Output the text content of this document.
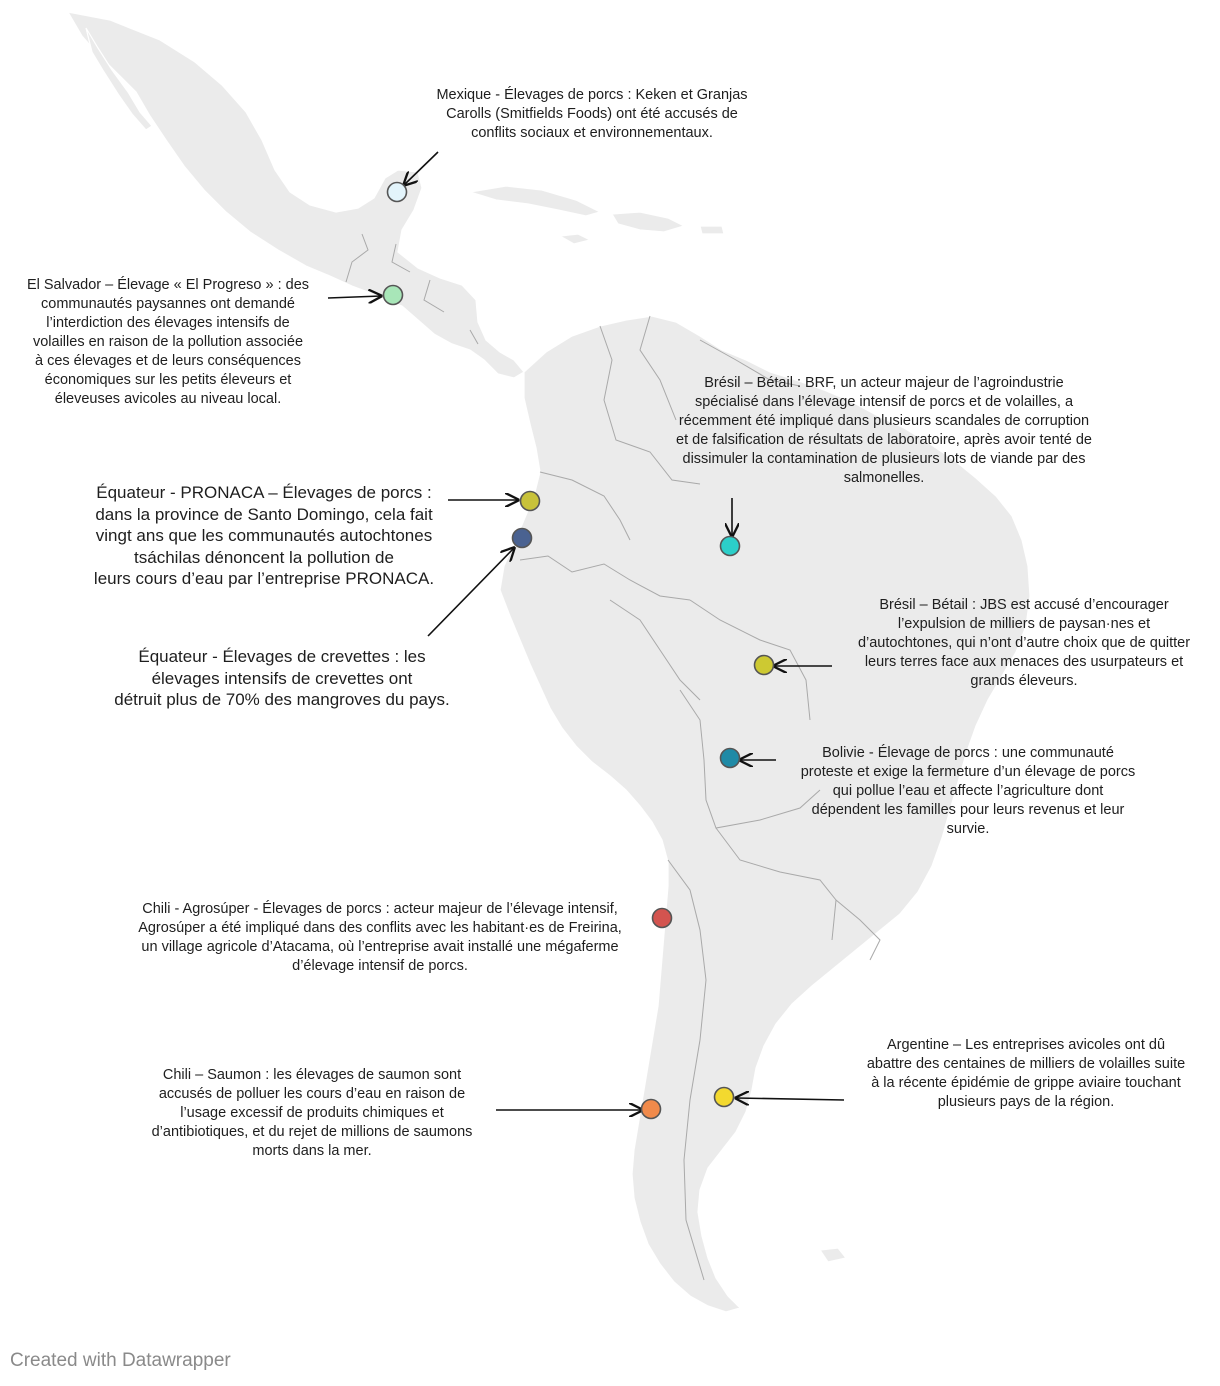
Mexique - Élevages de porcs : Keken et Granjas
Carolls (Smitfields Foods) ont été accusés de
conflits sociaux et environnementaux.
El Salvador – Élevage « El Progreso » : des
communautés paysannes ont demandé
l’interdiction des élevages intensifs de
volailles en raison de la pollution associée
à ces élevages et de leurs conséquences
économiques sur les petits éleveurs et
éleveuses avicoles au niveau local.
Équateur - PRONACA – Élevages de porcs :
dans la province de Santo Domingo, cela fait
vingt ans que les communautés autochtones
tsáchilas dénoncent la pollution de
leurs cours d’eau par l’entreprise PRONACA.
Équateur - Élevages de crevettes : les
élevages intensifs de crevettes ont
détruit plus de 70% des mangroves du pays.
Brésil – Bétail : BRF, un acteur majeur de l’agroindustrie
spécialisé dans l’élevage intensif de porcs et de volailles, a
récemment été impliqué dans plusieurs scandales de corruption
et de falsification de résultats de laboratoire, après avoir tenté de
dissimuler la contamination de plusieurs lots de viande par des
salmonelles.
Brésil – Bétail : JBS est accusé d’encourager
l’expulsion de milliers de paysan·nes et
d’autochtones, qui n’ont d’autre choix que de quitter
leurs terres face aux menaces des usurpateurs et
grands éleveurs.
Bolivie - Élevage de porcs : une communauté
proteste et exige la fermeture d’un élevage de porcs
qui pollue l’eau et affecte l’agriculture dont
dépendent les familles pour leurs revenus et leur
survie.
Chili - Agrosúper - Élevages de porcs : acteur majeur de l’élevage intensif,
Agrosúper a été impliqué dans des conflits avec les habitant·es de Freirina,
un village agricole d’Atacama, où l’entreprise avait installé une mégaferme
d’élevage intensif de porcs.
Chili – Saumon : les élevages de saumon sont
accusés de polluer les cours d’eau en raison de
l’usage excessif de produits chimiques et
d’antibiotiques, et du rejet de millions de saumons
morts dans la mer.
Argentine – Les entreprises avicoles ont dû
abattre des centaines de milliers de volailles suite
à la récente épidémie de grippe aviaire touchant
plusieurs pays de la région.
Created with Datawrapper
